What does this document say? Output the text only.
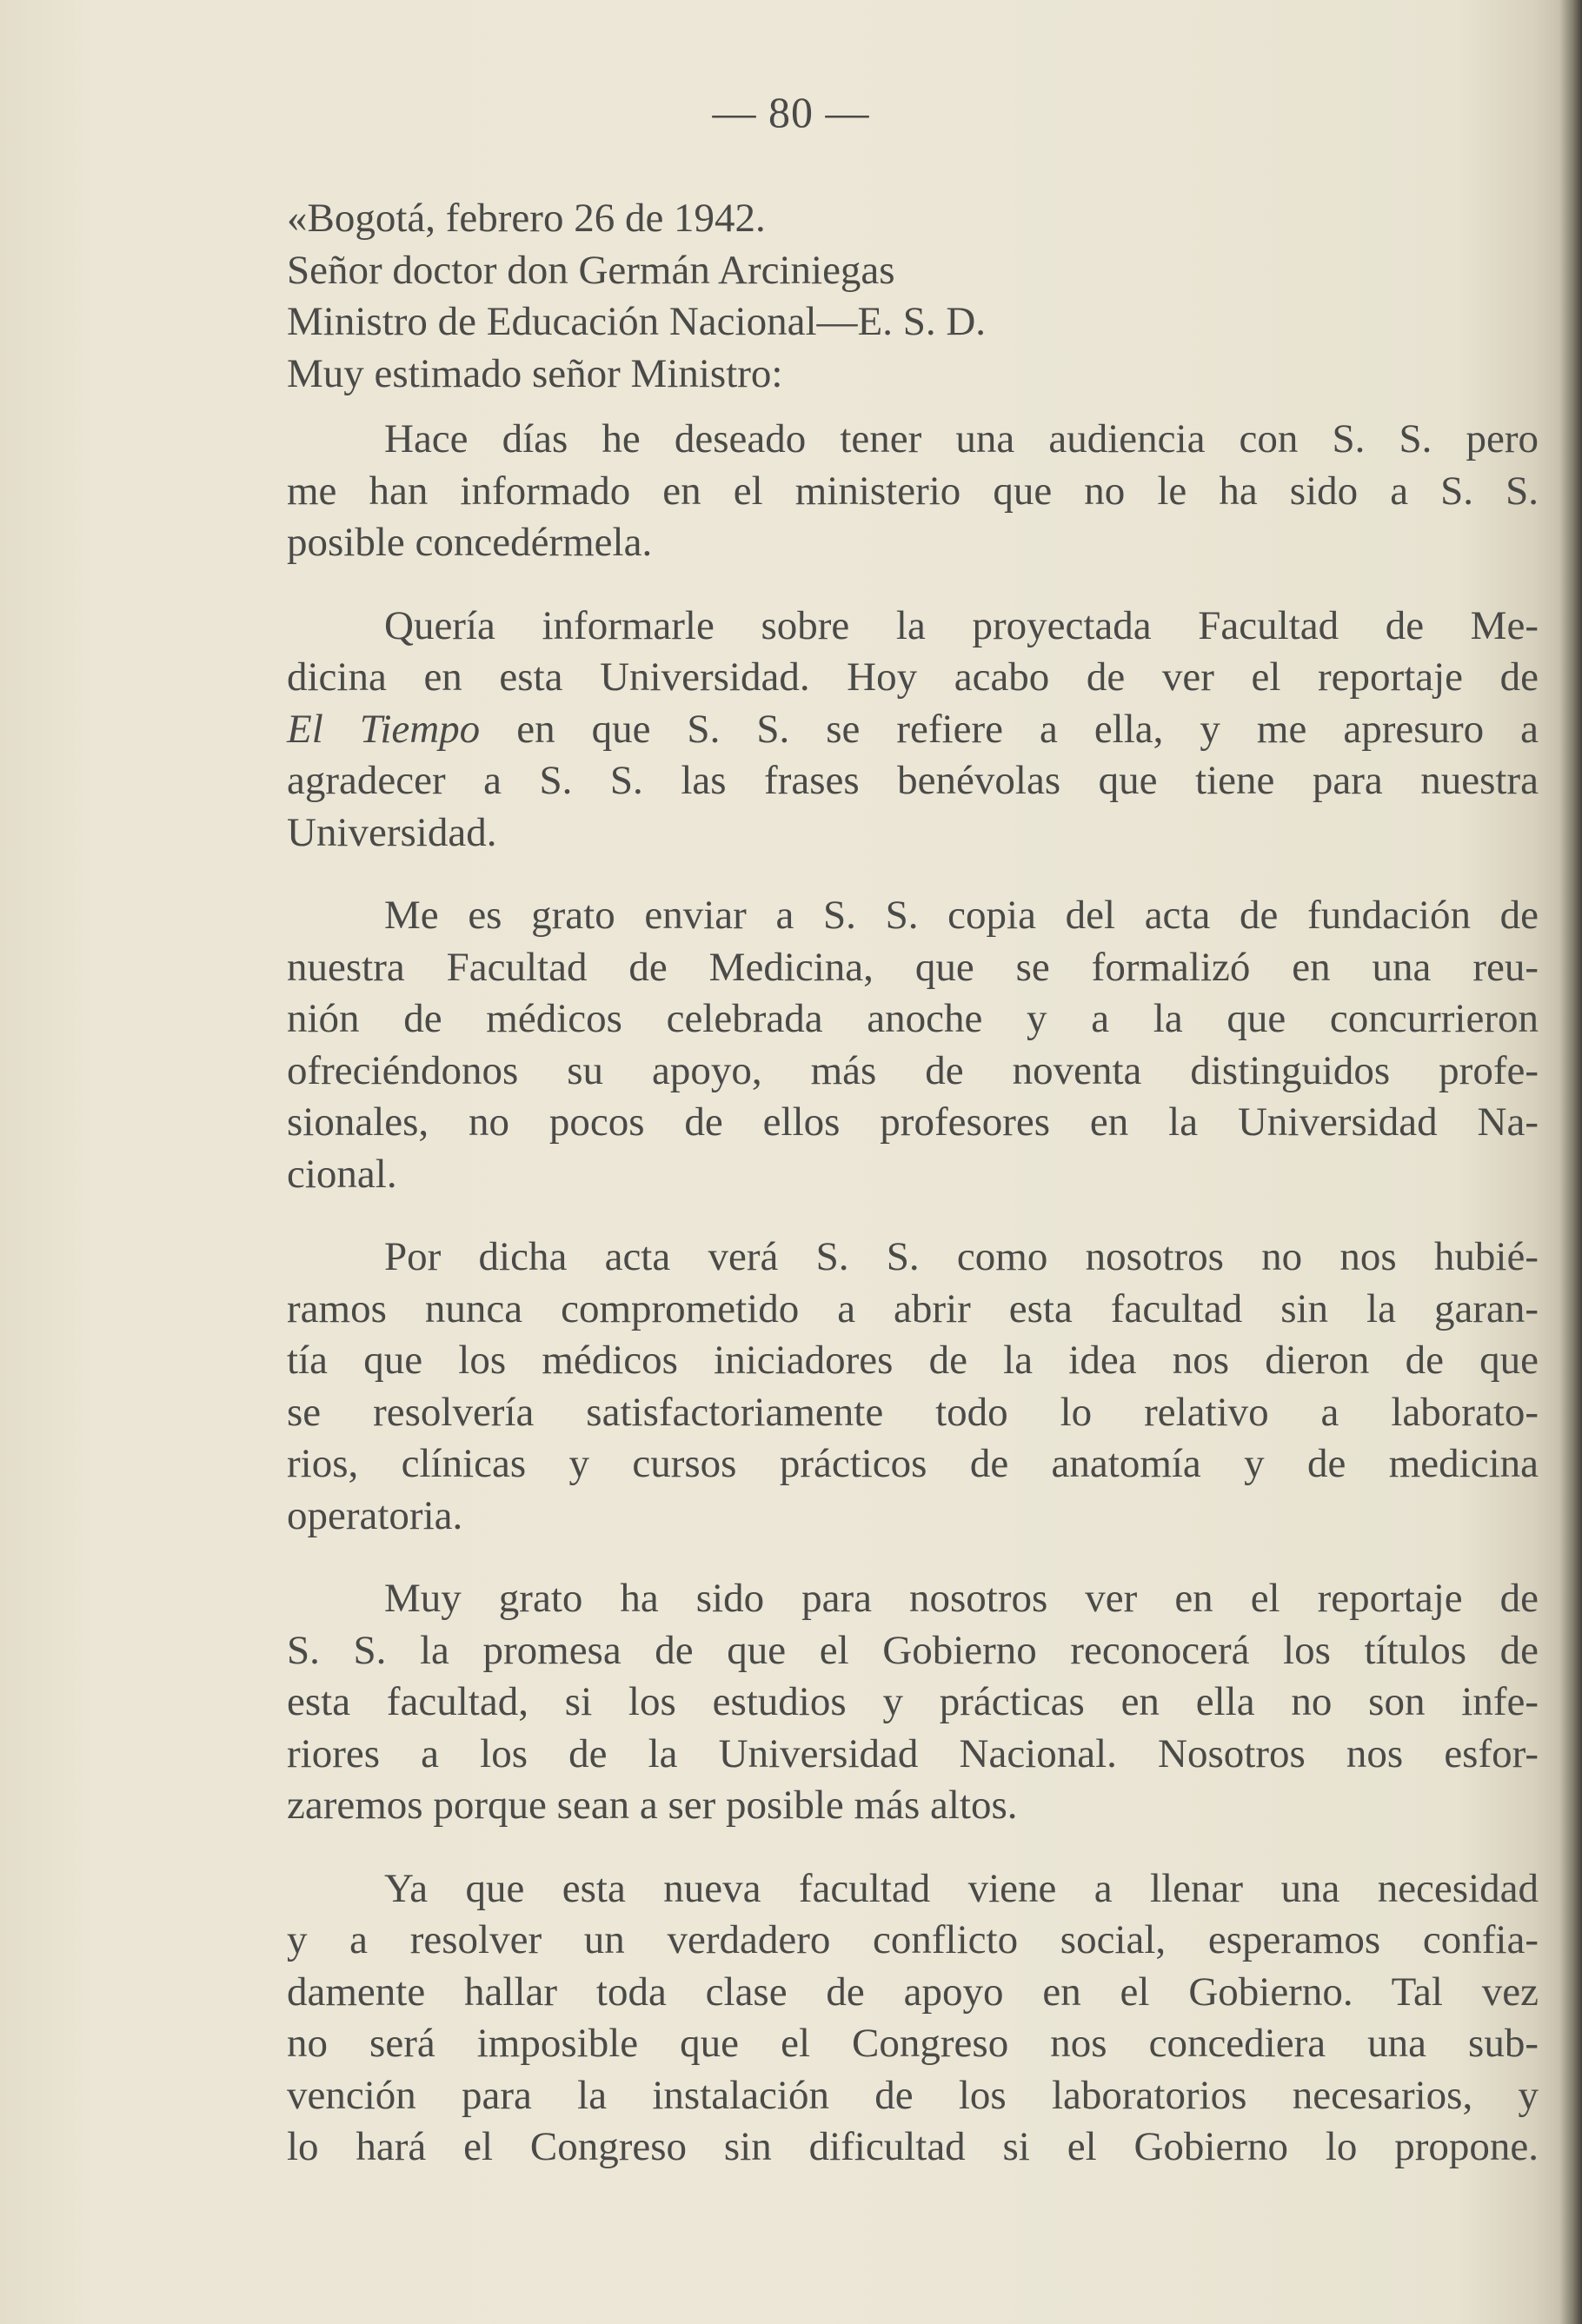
— 80 —
«Bogotá, febrero 26 de 1942.
Señor doctor don Germán Arciniegas
Ministro de Educación Nacional—E. S. D.
Muy estimado señor Ministro:
Hace días he deseado tener una audiencia con S. S. pero
me han informado en el ministerio que no le ha sido a S. S.
posible concedérmela.
Quería informarle sobre la proyectada Facultad de Me-
dicina en esta Universidad. Hoy acabo de ver el reportaje de
El Tiempo en que S. S. se refiere a ella, y me apresuro a
agradecer a S. S. las frases benévolas que tiene para nuestra
Universidad.
Me es grato enviar a S. S. copia del acta de fundación de
nuestra Facultad de Medicina, que se formalizó en una reu-
nión de médicos celebrada anoche y a la que concurrieron
ofreciéndonos su apoyo, más de noventa distinguidos profe-
sionales, no pocos de ellos profesores en la Universidad Na-
cional.
Por dicha acta verá S. S. como nosotros no nos hubié-
ramos nunca comprometido a abrir esta facultad sin la garan-
tía que los médicos iniciadores de la idea nos dieron de que
se resolvería satisfactoriamente todo lo relativo a laborato-
rios, clínicas y cursos prácticos de anatomía y de medicina
operatoria.
Muy grato ha sido para nosotros ver en el reportaje de
S. S. la promesa de que el Gobierno reconocerá los títulos de
esta facultad, si los estudios y prácticas en ella no son infe-
riores a los de la Universidad Nacional. Nosotros nos esfor-
zaremos porque sean a ser posible más altos.
Ya que esta nueva facultad viene a llenar una necesidad
y a resolver un verdadero conflicto social, esperamos confia-
damente hallar toda clase de apoyo en el Gobierno. Tal vez
no será imposible que el Congreso nos concediera una sub-
vención para la instalación de los laboratorios necesarios, y
lo hará el Congreso sin dificultad si el Gobierno lo propone.
